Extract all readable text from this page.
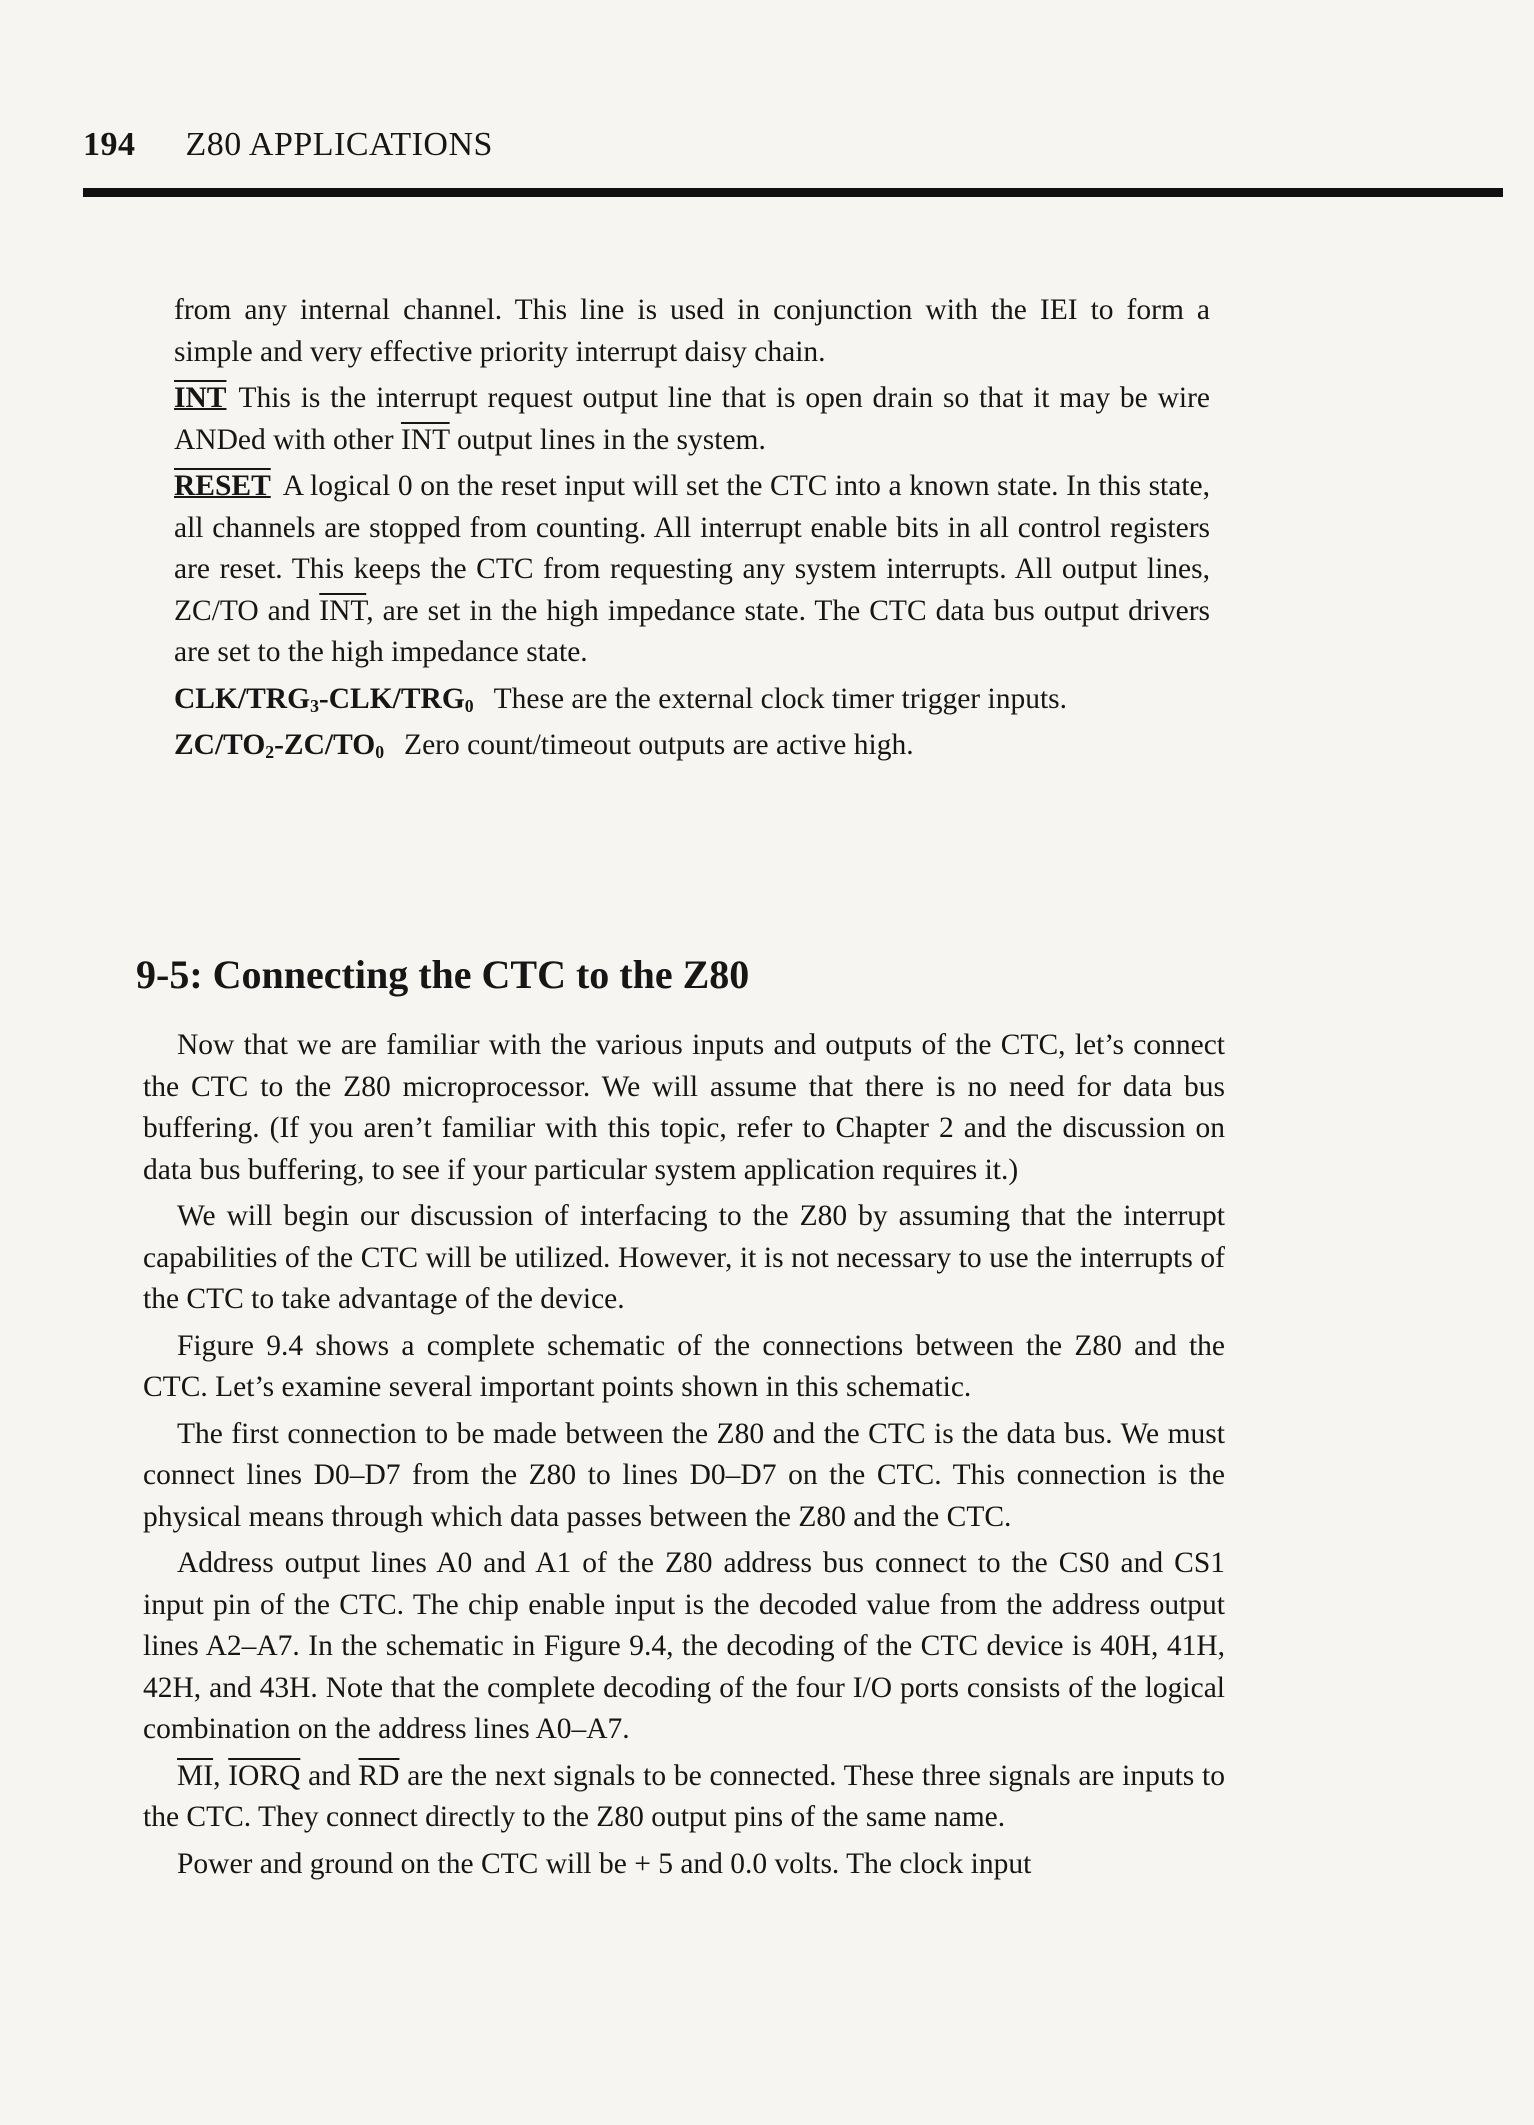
194 Z80 APPLICATIONS

from any internal channel. This line is used in conjunction with the IEI to form a simple and very effective priority interrupt daisy chain.

INT This is the interrupt request output line that is open drain so that it may be wire ANDed with other $\overline{INT}$ output lines in the system.

RESET A logical 0 on the reset input will set the CTC into a known state. In this state, all channels are stopped from counting. All interrupt enable bits in all control registers are reset. This keeps the CTC from requesting any system interrupts. All output lines, ZC/TO and $\overline{INT}$, are set in the high impedance state. The CTC data bus output drivers are set to the high impedance state.

CLK/$TRG_3-CLK/TRG_0$ These are the external clock timer trigger inputs.

$ZC/TO_2-ZC/TO_0$ Zero count/timeout outputs are active high.

9-5: Connecting the CTC to the Z80

Now that we are familiar with the various inputs and outputs of the CTC, let’s connect the CTC to the Z80 microprocessor. We will assume that there is no need for data bus buffering. (If you aren’t familiar with this topic, refer to Chapter 2 and the discussion on data bus buffering, to see if your particular system application requires it.)

We will begin our discussion of interfacing to the Z80 by assuming that the interrupt capabilities of the CTC will be utilized. However, it is not necessary to use the interrupts of the CTC to take advantage of the device.

Figure 9.4 shows a complete schematic of the connections between the Z80 and the CTC. Let’s examine several important points shown in this schematic.

The first connection to be made between the Z80 and the CTC is the data bus. We must connect lines D0–D7 from the Z80 to lines D0–D7 on the CTC. This connection is the physical means through which data passes between the Z80 and the CTC.

Address output lines A0 and A1 of the Z80 address bus connect to the CS0 and CS1 input pin of the CTC. The chip enable input is the decoded value from the address output lines A2–A7. In the schematic in Figure 9.4, the decoding of the CTC device is 40H, 41H, 42H, and 43H. Note that the complete decoding of the four I/O ports consists of the logical combination on the address lines A0–A7.

$\overline{MI}$, IORQ and $\overline{RD}$ are the next signals to be connected. These three signals are inputs to the CTC. They connect directly to the Z80 output pins of the same name.

Power and ground on the CTC will be + 5 and 0.0 volts. The clock input
